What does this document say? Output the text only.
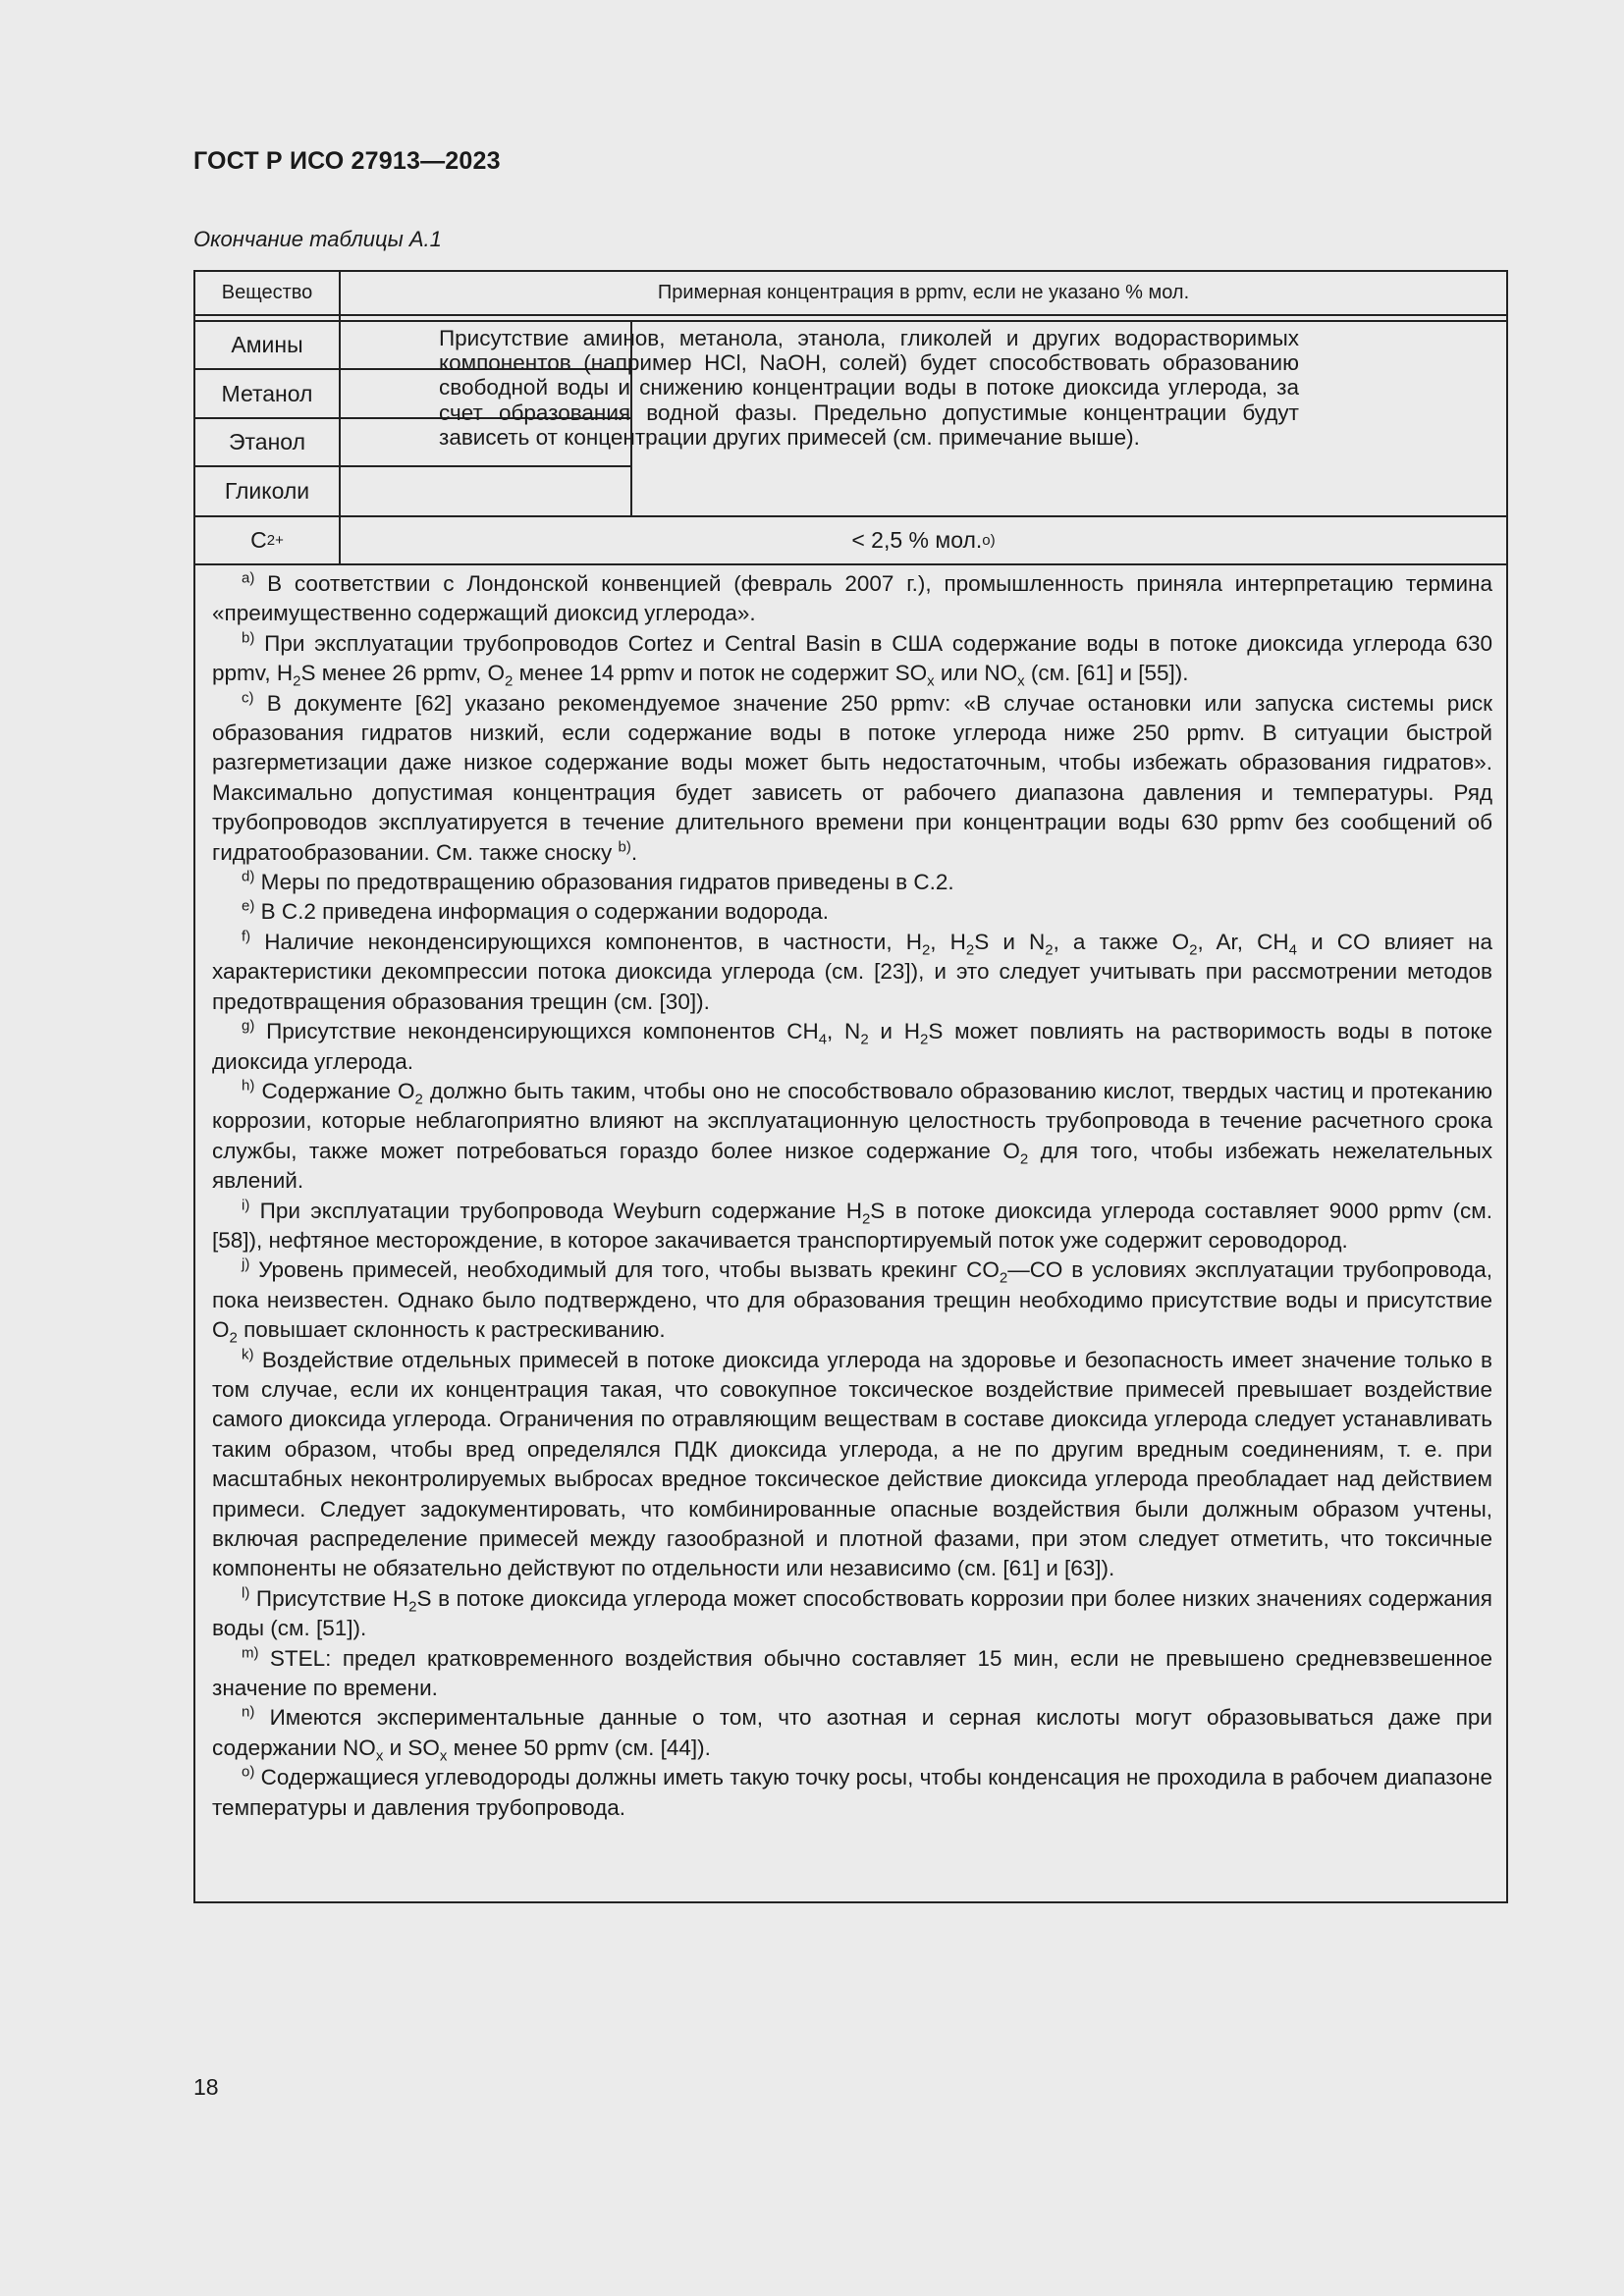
ГОСТ Р ИСО 27913—2023
Окончание таблицы А.1
Вещество	Примерная концентрация в ppmv, если не указано % мол.
Амины
Метанол
Этанол
Гликоли
Присутствие аминов, метанола, этанола, гликолей и других водорастворимых компонентов (например HCl, NaOH, солей) будет способствовать образованию свободной воды и снижению концентрации воды в потоке диоксида углерода, за счет образования водной фазы. Предельно допустимые концентрации будут зависеть от концентрации других примесей (см. примечание выше).
C 2+	< 2,5 % мол. o)
$^{a)}$ В соответствии с Лондонской конвенцией (февраль 2007 г.), промышленность приняла интерпретацию термина «преимущественно содержащий диоксид углерода».
$^{b)}$ При эксплуатации трубопроводов Cortez и Central Basin в США содержание воды в потоке диоксида углерода 630 ppmv, $H_2S$ менее 26 ppmv, $O_2$ менее 14 ppmv и поток не содержит $SO_x$ или $NO_x$ (см. [61] и [55]).
$^{c)}$ В документе [62] указано рекомендуемое значение 250 ppmv: «В случае остановки или запуска системы риск образования гидратов низкий, если содержание воды в потоке углерода ниже 250 ppmv. В ситуации быстрой разгерметизации даже низкое содержание воды может быть недостаточным, чтобы избежать образования гидратов». Максимально допустимая концентрация будет зависеть от рабочего диапазона давления и температуры. Ряд трубопроводов эксплуатируется в течение длительного времени при концентрации воды 630 ppmv без сообщений об гидратообразовании. См. также сноску $^{b)}$.
$^{d)}$ Меры по предотвращению образования гидратов приведены в С.2.
$^{e)}$ В С.2 приведена информация о содержании водорода.
$^{f)}$ Наличие неконденсирующихся компонентов, в частности, $H_2$, $H_2S$ и $N_2$, а также $O_2$, Ar, $CH_4$ и CO влияет на характеристики декомпрессии потока диоксида углерода (см. [23]), и это следует учитывать при рассмотрении методов предотвращения образования трещин (см. [30]).
$^{g)}$ Присутствие неконденсирующихся компонентов $CH_4$, $N_2$ и $H_2S$ может повлиять на растворимость воды в потоке диоксида углерода.
$^{h)}$ Содержание $O_2$ должно быть таким, чтобы оно не способствовало образованию кислот, твердых частиц и протеканию коррозии, которые неблагоприятно влияют на эксплуатационную целостность трубопровода в течение расчетного срока службы, также может потребоваться гораздо более низкое содержание $O_2$ для того, чтобы избежать нежелательных явлений.
$^{i)}$ При эксплуатации трубопровода Weyburn содержание $H_2S$ в потоке диоксида углерода составляет 9000 ppmv (см. [58]), нефтяное месторождение, в которое закачивается транспортируемый поток уже содержит сероводород.
$^{j)}$ Уровень примесей, необходимый для того, чтобы вызвать крекинг $CO_2—CO$ в условиях эксплуатации трубопровода, пока неизвестен. Однако было подтверждено, что для образования трещин необходимо присутствие воды и присутствие $O_2$ повышает склонность к растрескиванию.
$^{k)}$ Воздействие отдельных примесей в потоке диоксида углерода на здоровье и безопасность имеет значение только в том случае, если их концентрация такая, что совокупное токсическое воздействие примесей превышает воздействие самого диоксида углерода. Ограничения по отравляющим веществам в составе диоксида углерода следует устанавливать таким образом, чтобы вред определялся ПДК диоксида углерода, а не по другим вредным соединениям, т. е. при масштабных неконтролируемых выбросах вредное токсическое действие диоксида углерода преобладает над действием примеси. Следует задокументировать, что комбинированные опасные воздействия были должным образом учтены, включая распределение примесей между газообразной и плотной фазами, при этом следует отметить, что токсичные компоненты не обязательно действуют по отдельности или независимо (см. [61] и [63]).
$^{l)}$ Присутствие $H_2S$ в потоке диоксида углерода может способствовать коррозии при более низких значениях содержания воды (см. [51]).
$^{m)}$ STEL: предел кратковременного воздействия обычно составляет 15 мин, если не превышено средневзвешенное значение по времени.
$^{n)}$ Имеются экспериментальные данные о том, что азотная и серная кислоты могут образовываться даже при содержании $NO_x$ и $SO_x$ менее 50 ppmv (см. [44]).
$^{o)}$ Содержащиеся углеводороды должны иметь такую точку росы, чтобы конденсация не проходила в рабочем диапазоне температуры и давления трубопровода.
18
